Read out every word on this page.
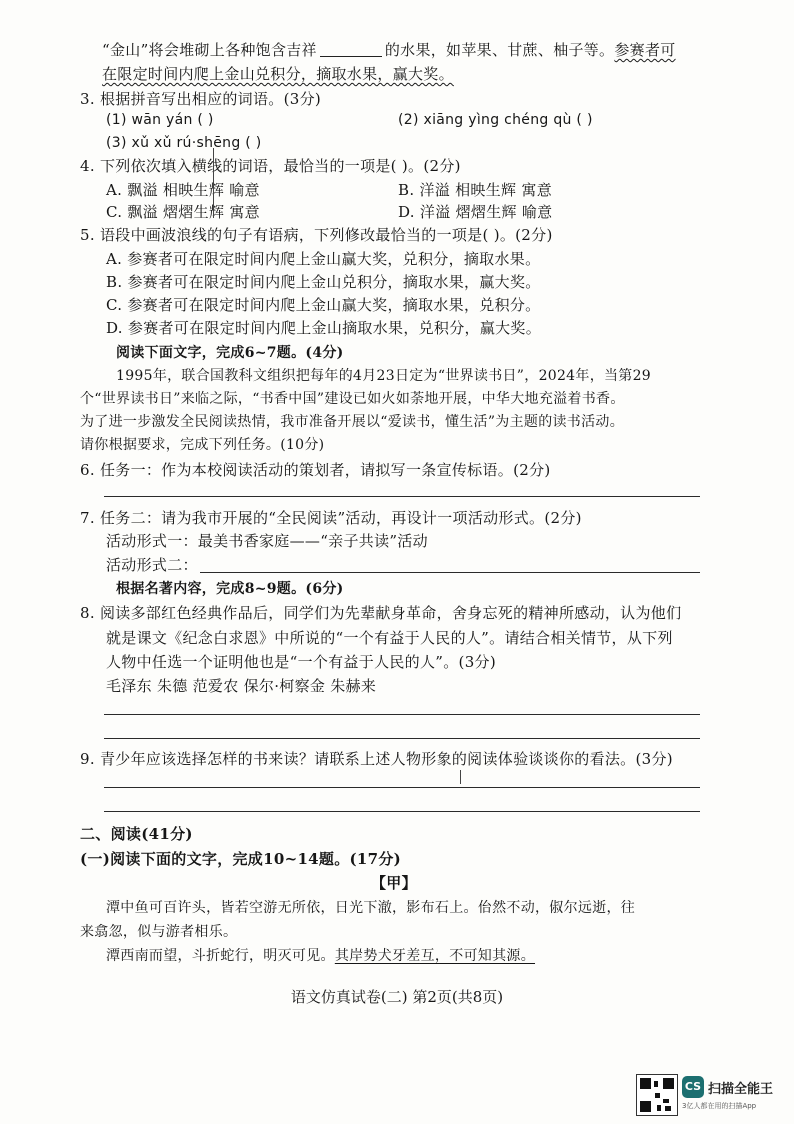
“金山”将会堆砌上各种饱含吉祥	的水果，如苹果、甘蔗、柚子等。参赛者可
在限定时间内爬上金山兑积分，摘取水果，赢大奖。
3. 根据拼音写出相应的词语。(3分)
(1) wān yán ( )	(2) xiāng yìng chéng qù ( )
(3) xǔ xǔ rú·shēng ( )
4. 下列依次填入横线的词语，最恰当的一项是( )。(2分)
A. 飘溢 相映生辉 喻意	B. 洋溢 相映生辉 寓意
C. 飘溢 熠熠生辉 寓意	D. 洋溢 熠熠生辉 喻意
5. 语段中画波浪线的句子有语病，下列修改最恰当的一项是( )。(2分)
A. 参赛者可在限定时间内爬上金山赢大奖，兑积分，摘取水果。
B. 参赛者可在限定时间内爬上金山兑积分，摘取水果，赢大奖。
C. 参赛者可在限定时间内爬上金山赢大奖，摘取水果，兑积分。
D. 参赛者可在限定时间内爬上金山摘取水果，兑积分，赢大奖。
阅读下面文字，完成6~7题。(4分)
1995年，联合国教科文组织把每年的4月23日定为“世界读书日”，2024年，当第29
个“世界读书日”来临之际，“书香中国”建设已如火如荼地开展，中华大地充溢着书香。
为了进一步激发全民阅读热情，我市准备开展以“爱读书，懂生活”为主题的读书活动。
请你根据要求，完成下列任务。(10分)
6. 任务一：作为本校阅读活动的策划者，请拟写一条宣传标语。(2分)
7. 任务二：请为我市开展的“全民阅读”活动，再设计一项活动形式。(2分)
活动形式一：最美书香家庭——“亲子共读”活动
活动形式二：
根据名著内容，完成8~9题。(6分)
8. 阅读多部红色经典作品后，同学们为先辈献身革命，舍身忘死的精神所感动，认为他们
就是课文《纪念白求恩》中所说的“一个有益于人民的人”。请结合相关情节，从下列
人物中任选一个证明他也是“一个有益于人民的人”。(3分)
毛泽东 朱德 范爱农 保尔·柯察金 朱赫来
9. 青少年应该选择怎样的书来读？请联系上述人物形象的阅读体验谈谈你的看法。(3分)
二、阅读(41分)
(一)阅读下面的文字，完成10~14题。(17分)
【甲】
潭中鱼可百许头，皆若空游无所依，日光下澈，影布石上。佁然不动，俶尔远逝，往
来翕忽，似与游者相乐。
潭西南而望，斗折蛇行，明灭可见。其岸势犬牙差互，不可知其源。
语文仿真试卷(二) 第2页(共8页)
CS 扫描全能王
3亿人都在用的扫描App
